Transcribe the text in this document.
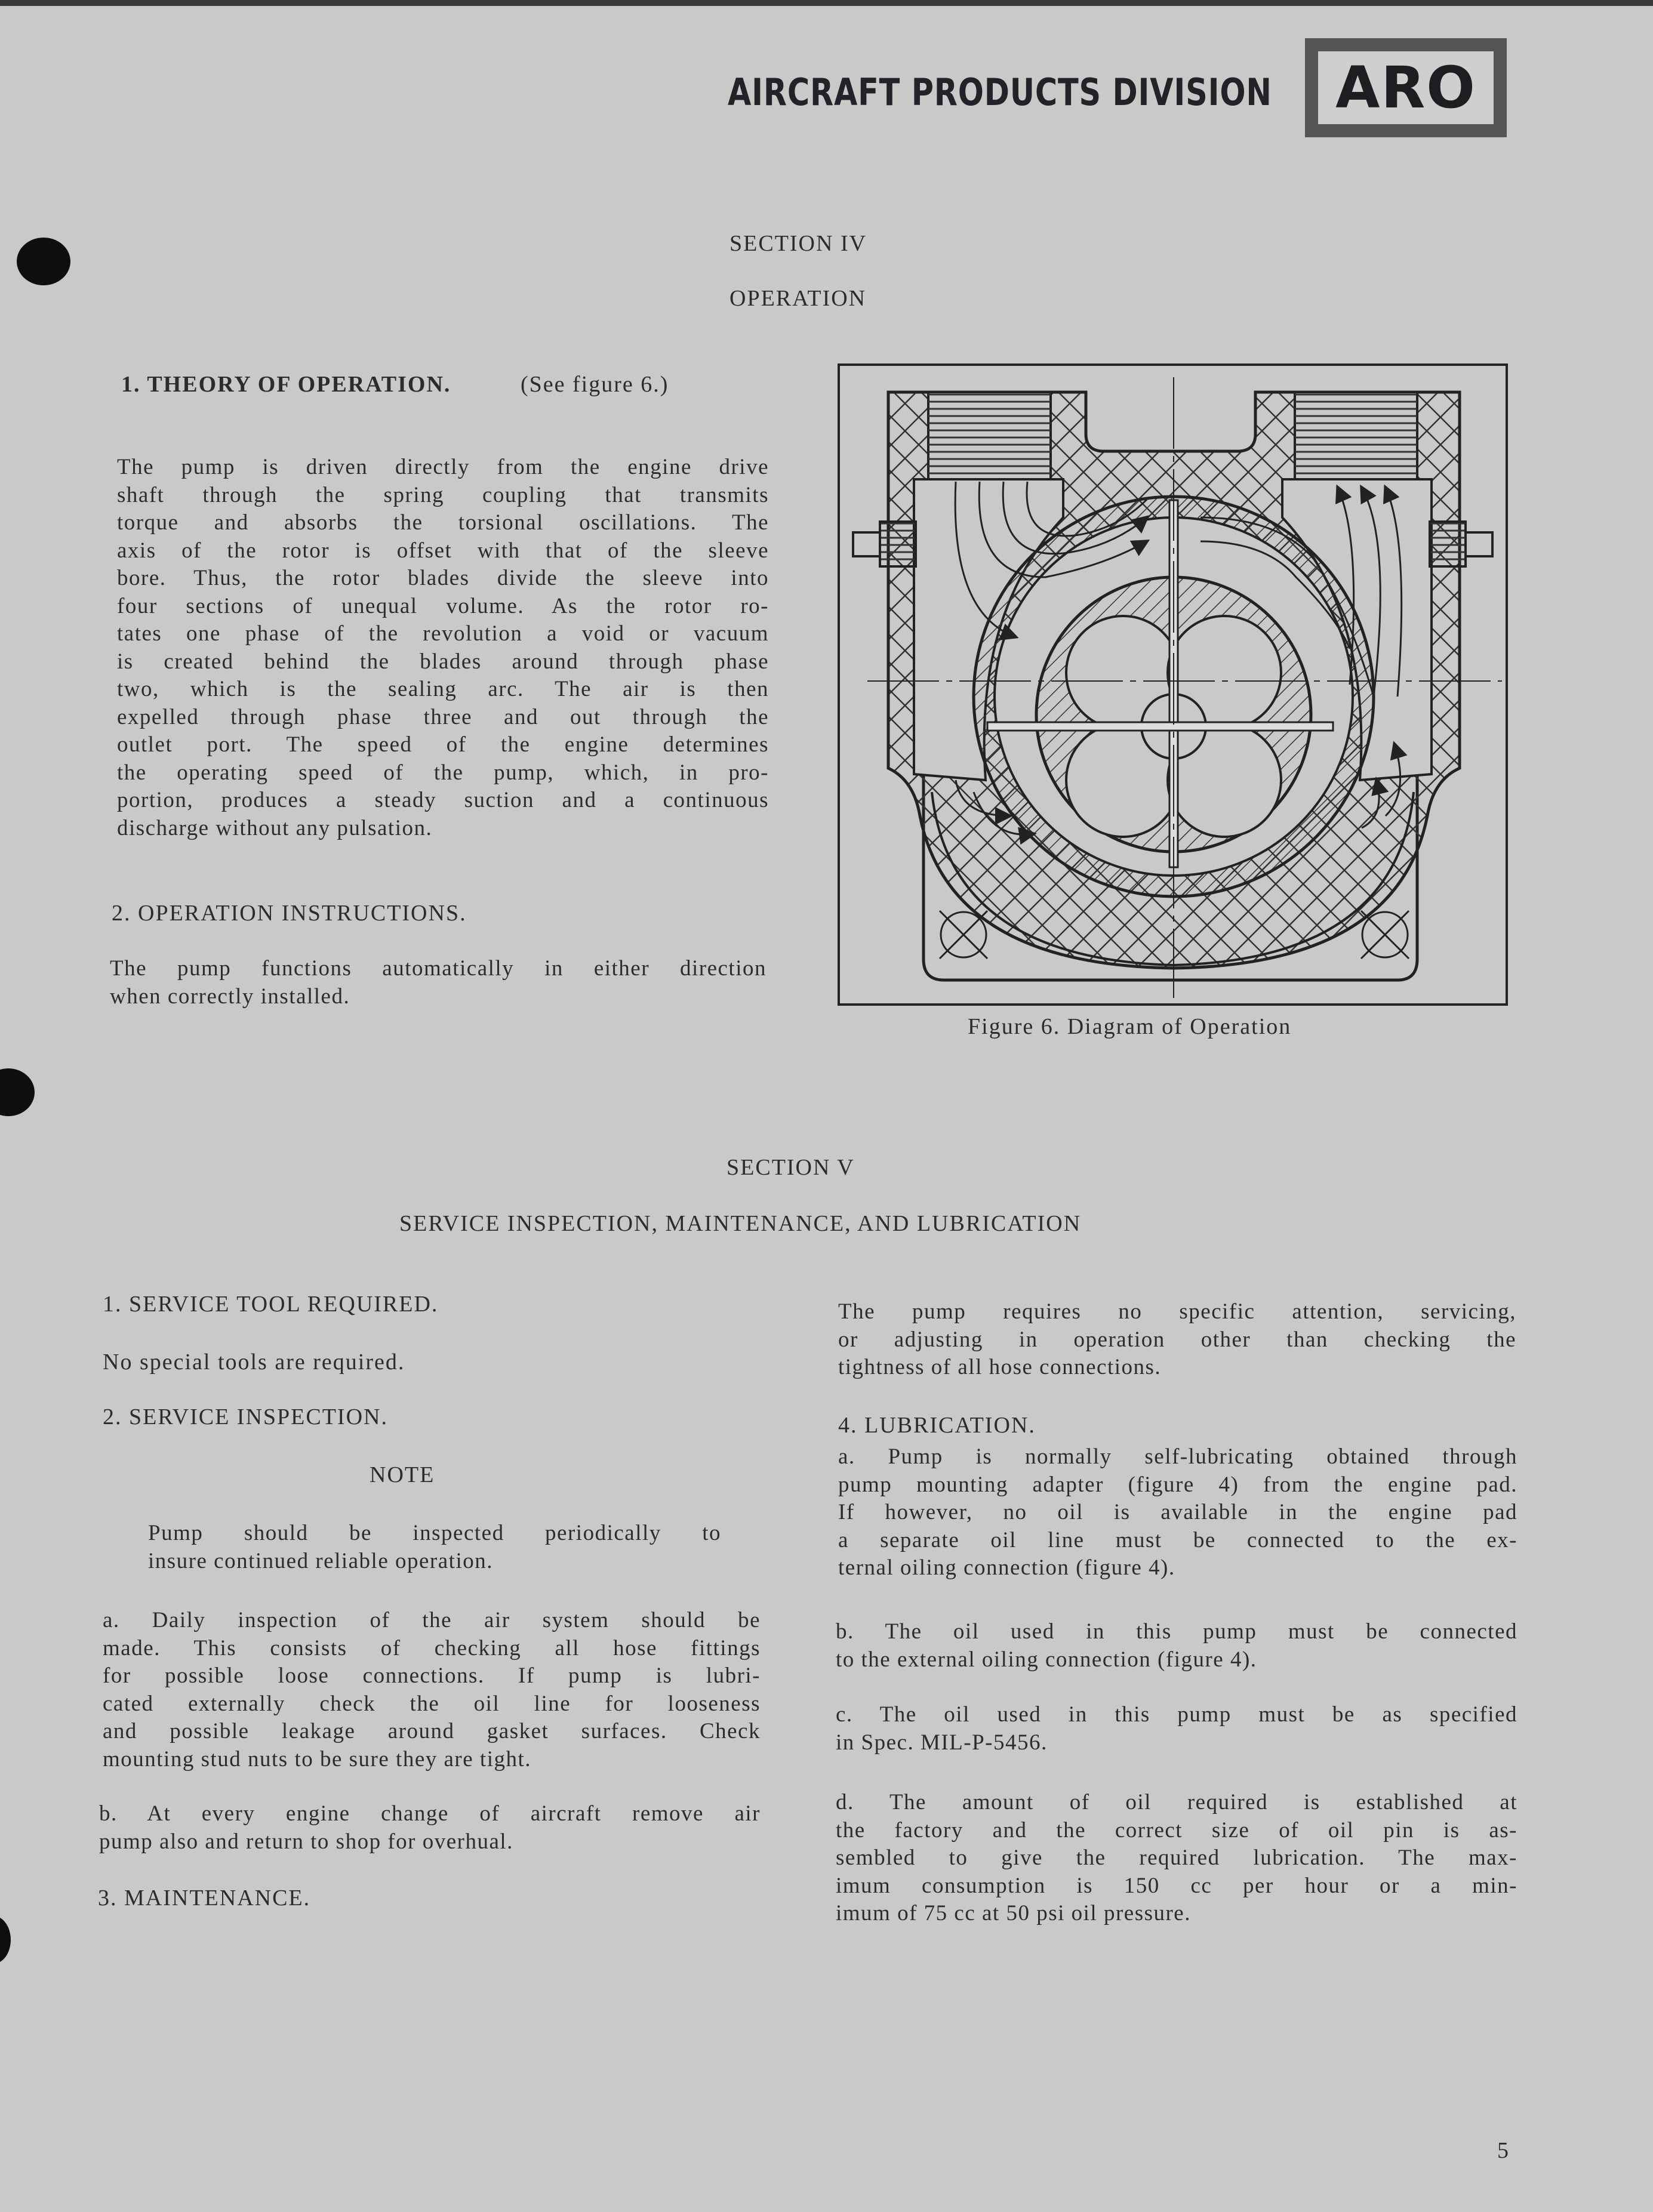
AIRCRAFT PRODUCTS DIVISION	ARO
SECTION IV
OPERATION
1. THEORY OF OPERATION.	(See figure 6.)
The pump is driven directly from the engine drive
shaft through the spring coupling that transmits
torque and absorbs the torsional oscillations. The
axis of the rotor is offset with that of the sleeve
bore. Thus, the rotor blades divide the sleeve into
four sections of unequal volume. As the rotor ro-
tates one phase of the revolution a void or vacuum
is created behind the blades around through phase
two, which is the sealing arc. The air is then
expelled through phase three and out through the
outlet port. The speed of the engine determines
the operating speed of the pump, which, in pro-
portion, produces a steady suction and a continuous
discharge without any pulsation.
2. OPERATION INSTRUCTIONS.
The pump functions automatically in either direction
when correctly installed.
Figure 6. Diagram of Operation
SECTION V
SERVICE INSPECTION, MAINTENANCE, AND LUBRICATION
1. SERVICE TOOL REQUIRED.
No special tools are required.
2. SERVICE INSPECTION.
NOTE
Pump should be inspected periodically to
insure continued reliable operation.
a. Daily inspection of the air system should be
made. This consists of checking all hose fittings
for possible loose connections. If pump is lubri-
cated externally check the oil line for looseness
and possible leakage around gasket surfaces. Check
mounting stud nuts to be sure they are tight.
b. At every engine change of aircraft remove air
pump also and return to shop for overhual.
3. MAINTENANCE.
The pump requires no specific attention, servicing,
or adjusting in operation other than checking the
tightness of all hose connections.
4. LUBRICATION.
a. Pump is normally self-lubricating obtained through
pump mounting adapter (figure 4) from the engine pad.
If however, no oil is available in the engine pad
a separate oil line must be connected to the ex-
ternal oiling connection (figure 4).
b. The oil used in this pump must be connected
to the external oiling connection (figure 4).
c. The oil used in this pump must be as specified
in Spec. MIL-P-5456.
d. The amount of oil required is established at
the factory and the correct size of oil pin is as-
sembled to give the required lubrication. The max-
imum consumption is 150 cc per hour or a min-
imum of 75 cc at 50 psi oil pressure.
5
